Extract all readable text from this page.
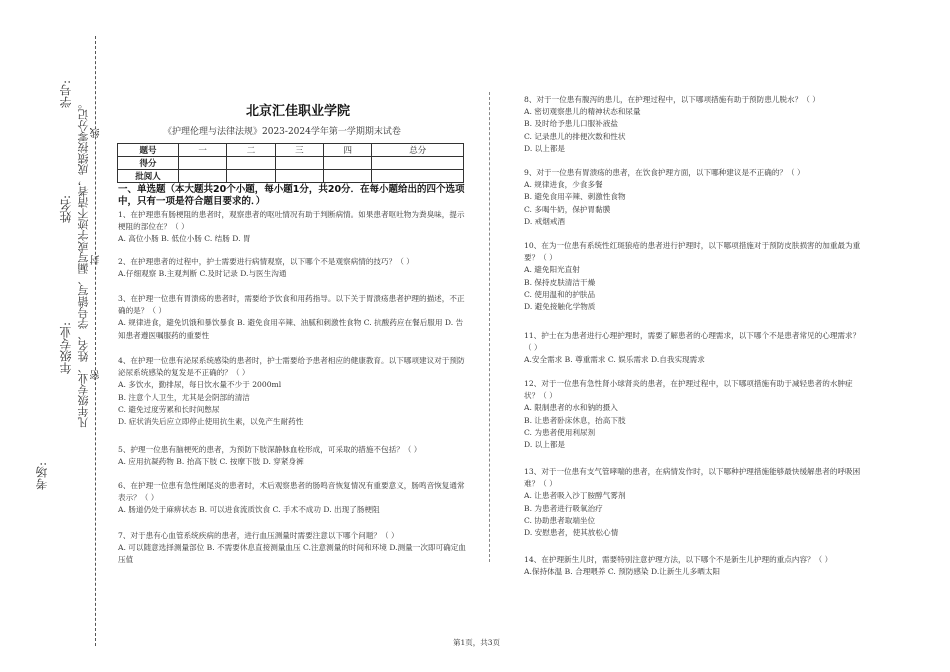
学号:
凡年级专业、姓名、学号错写、漏写或字迹不清者，成绩按零分记。 线
姓名:
封
年级专业:
密
考场:
北京汇佳职业学院
《护理伦理与法律法规》2023-2024学年第一学期期末试卷
题号	一	二	三	四	总分
得分					
批阅人					
一、单选题（本大题共20个小题，每小题1分，共20分．在每小题给出的四个选项中，只有一项是符合题目要求的．）
1、在护理患有肠梗阻的患者时，观察患者的呕吐情况有助于判断病情。如果患者呕吐物为粪臭味，提示梗阻的部位在？（ ）
A. 高位小肠 B. 低位小肠 C. 结肠 D. 胃
2、在护理患者的过程中，护士需要进行病情观察，以下哪个不是观察病情的技巧？（ ）
A.仔细观察 B.主观判断 C.及时记录 D.与医生沟通
3、在护理一位患有胃溃疡的患者时，需要给予饮食和用药指导。以下关于胃溃疡患者护理的描述，不正确的是？（ ）
A. 规律进食，避免饥饿和暴饮暴食 B. 避免食用辛辣、油腻和刺激性食物 C. 抗酸药应在餐后服用 D. 告知患者遵医嘱服药的重要性
4、在护理一位患有泌尿系统感染的患者时，护士需要给予患者相应的健康教育。以下哪项建议对于预防泌尿系统感染的复发是不正确的？（ ）
A. 多饮水，勤排尿，每日饮水量不少于 2000ml
B. 注意个人卫生，尤其是会阴部的清洁
C. 避免过度劳累和长时间憋尿
D. 症状消失后应立即停止使用抗生素，以免产生耐药性
5、护理一位患有脑梗死的患者，为预防下肢深静脉血栓形成，可采取的措施不包括？（ ）
A. 应用抗凝药物 B. 抬高下肢 C. 按摩下肢 D. 穿紧身裤
6、在护理一位患有急性阑尾炎的患者时，术后观察患者的肠鸣音恢复情况有重要意义，肠鸣音恢复通常表示？（ ）
A. 肠道仍处于麻痹状态 B. 可以进食流质饮食 C. 手术不成功 D. 出现了肠梗阻
7、对于患有心血管系统疾病的患者，进行血压测量时需要注意以下哪个问题？（ ）
A. 可以随意选择测量部位 B. 不需要休息直接测量血压 C.注意测量的时间和环境 D.测量一次即可确定血压值
8、对于一位患有腹泻的患儿，在护理过程中，以下哪项措施有助于预防患儿脱水？（ ）
A. 密切观察患儿的精神状态和尿量
B. 及时给予患儿口服补液盐
C. 记录患儿的排便次数和性状
D. 以上都是
9、对于一位患有胃溃疡的患者，在饮食护理方面，以下哪种建议是不正确的？（ ）
A. 规律进食，少食多餐
B. 避免食用辛辣、刺激性食物
C. 多喝牛奶，保护胃黏膜
D. 戒烟戒酒
10、在为一位患有系统性红斑狼疮的患者进行护理时，以下哪项措施对于预防皮肤损害的加重最为重要？（ ）
A. 避免阳光直射
B. 保持皮肤清洁干燥
C. 使用温和的护肤品
D. 避免接触化学物质
11、护士在为患者进行心理护理时，需要了解患者的心理需求，以下哪个不是患者常见的心理需求？（ ）
A.安全需求 B. 尊重需求 C. 娱乐需求 D.自我实现需求
12、对于一位患有急性肾小球肾炎的患者，在护理过程中，以下哪项措施有助于减轻患者的水肿症状？（ ）
A. 限制患者的水和钠的摄入
B. 让患者卧床休息，抬高下肢
C. 为患者使用利尿剂
D. 以上都是
13、对于一位患有支气管哮喘的患者，在病情发作时，以下哪种护理措施能够最快缓解患者的呼吸困难？（ ）
A. 让患者吸入沙丁胺醇气雾剂
B. 为患者进行吸氧治疗
C. 协助患者取端坐位
D. 安慰患者，使其放松心情
14、在护理新生儿时，需要特别注意护理方法，以下哪个不是新生儿护理的重点内容？（ ）
A.保持体温 B. 合理喂养 C. 预防感染 D.让新生儿多晒太阳
第1页，共3页
